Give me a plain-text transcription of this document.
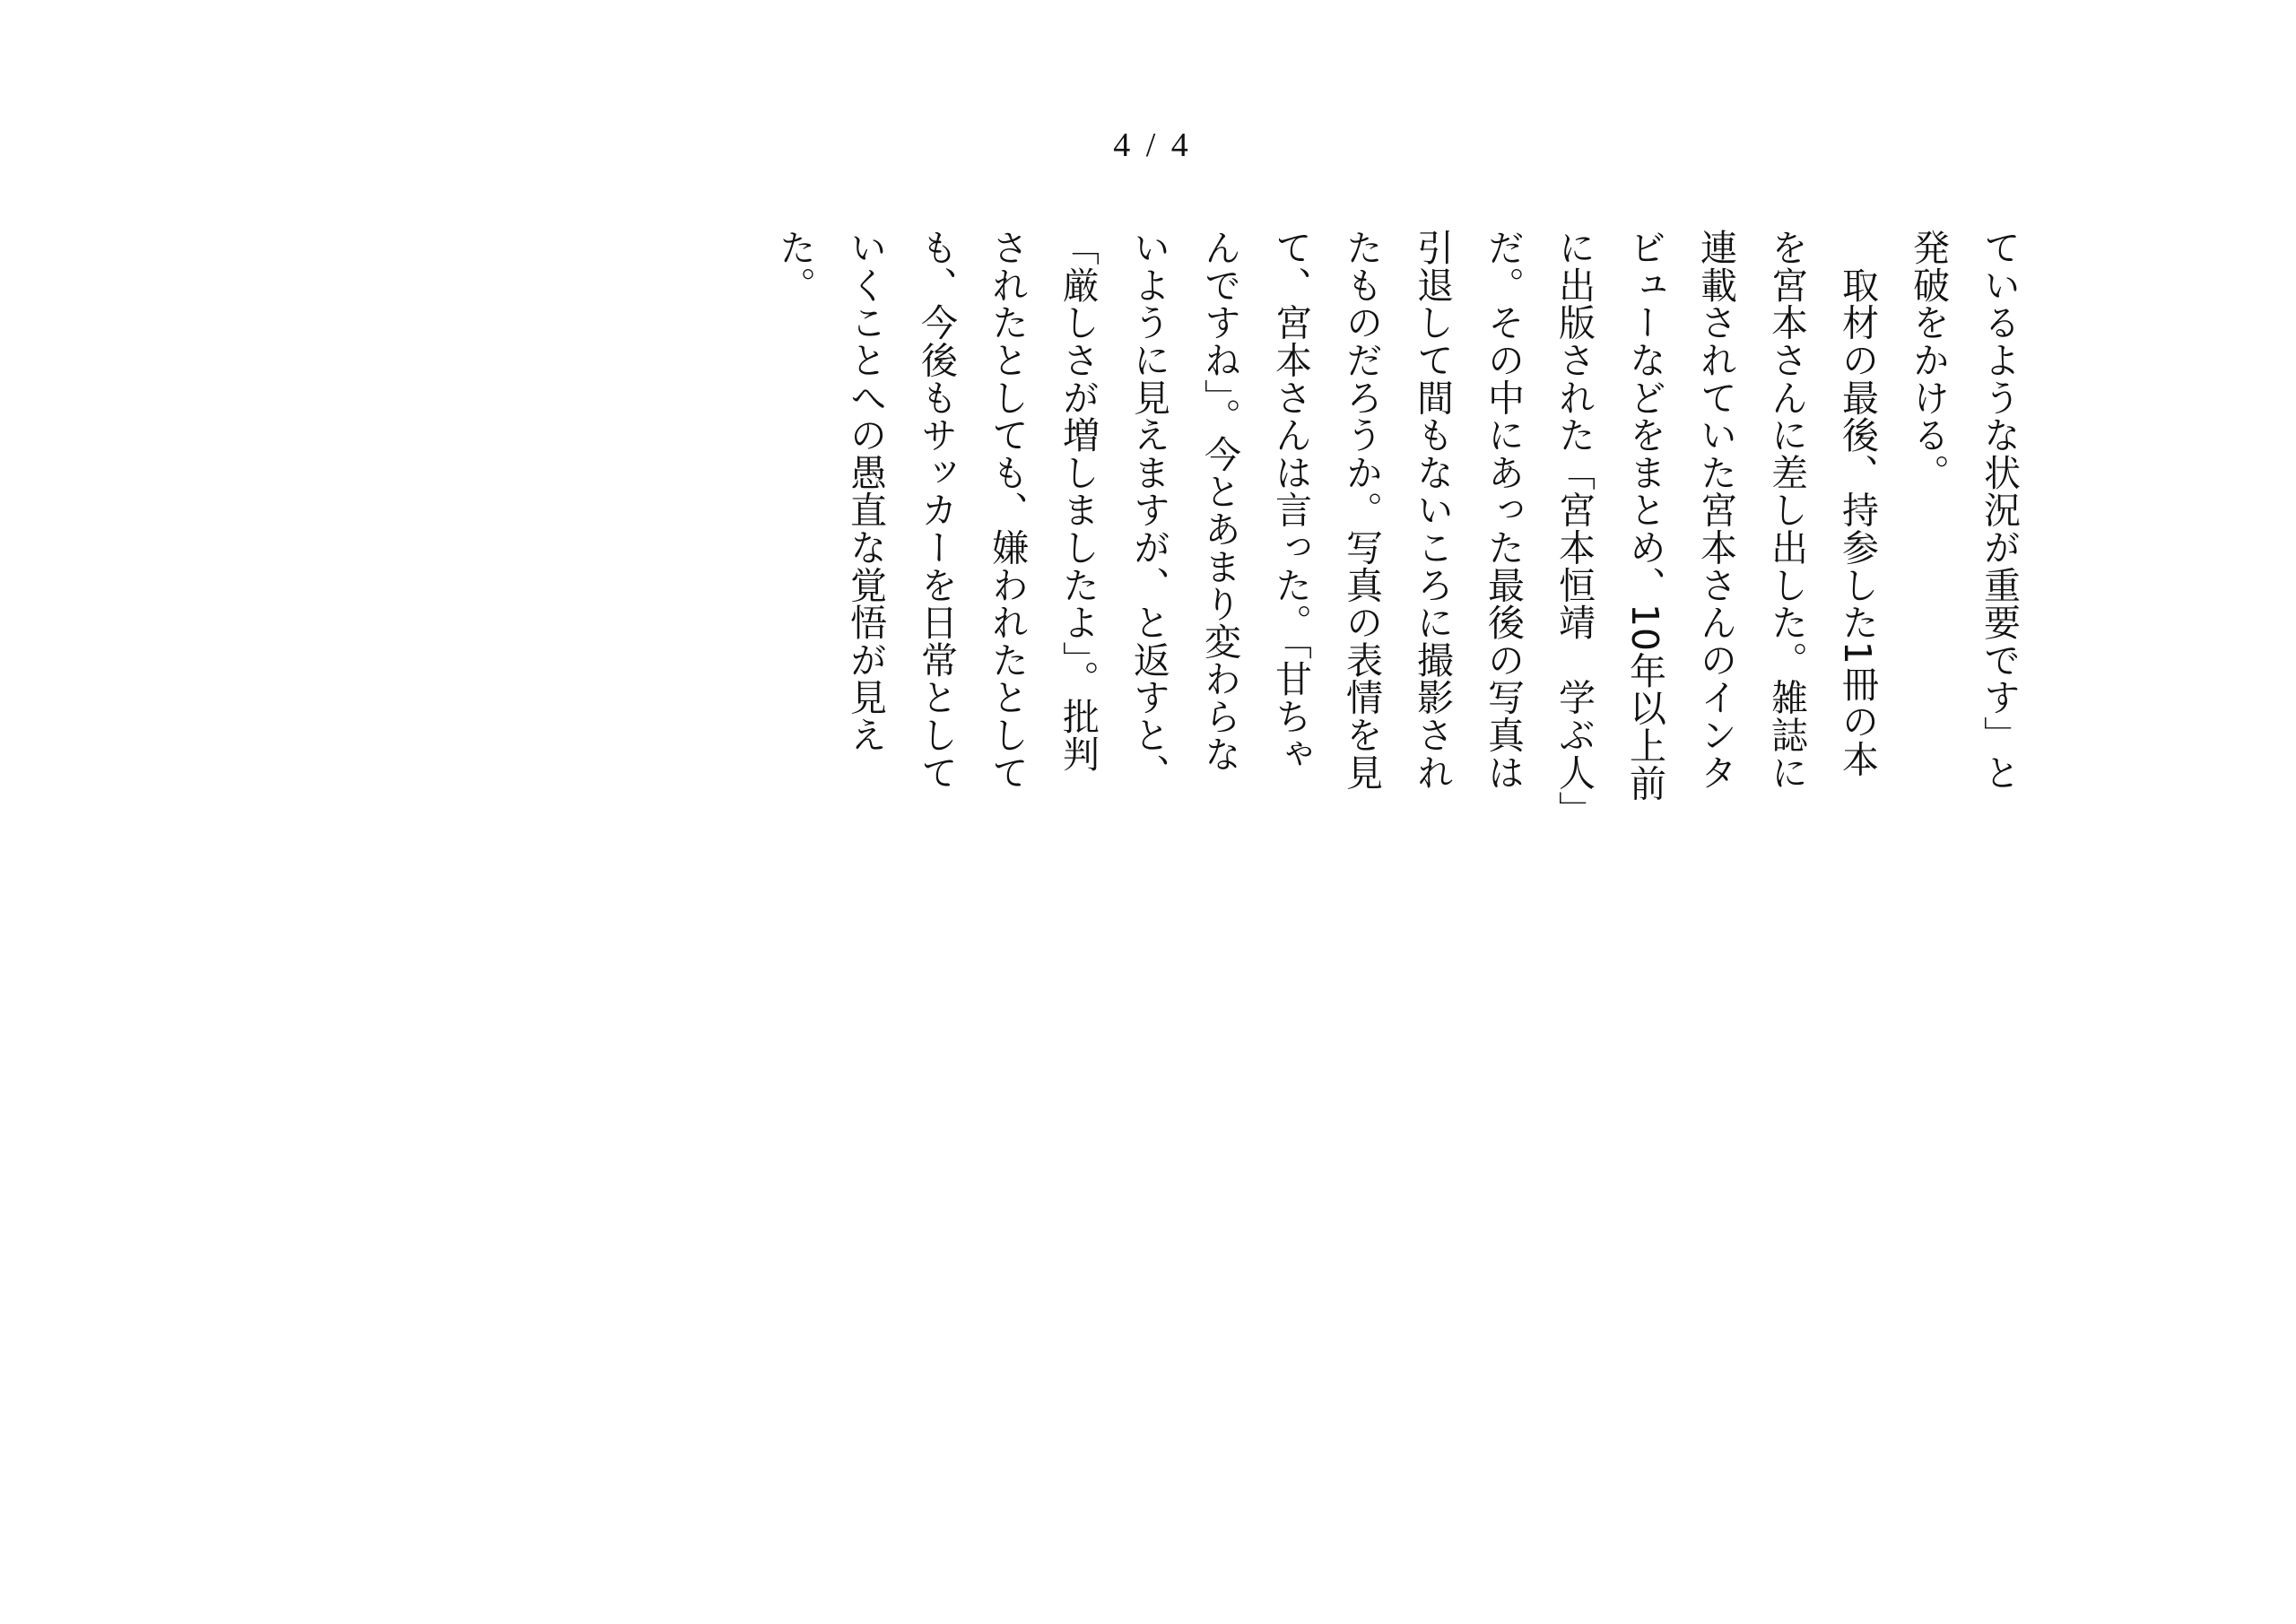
4 / 4
ているような状況が重要です」と
発破をかける。
　取材の最後、持参した1冊の本
を宮本さんに差し出した。雑誌に
連載されていた宮本さんのインタ
ビューなどをまとめ、10年以上前
に出版された「宮本恒靖　学ぶ人」
だ。その中にあった最後の写真は
引退して間もないころに撮影され
たものだろうか。写真の表情を見
て、宮本さんは言った。「甘ちゃ
んですね」。今とあまり変わらな
いように見えますが、と返すと、
「厳しさが増しましたよ」。批判
されたとしても、嫌われたとして
も、今後もサッカーを日常として
いくことへの愚直な覚悟が見え
た。
